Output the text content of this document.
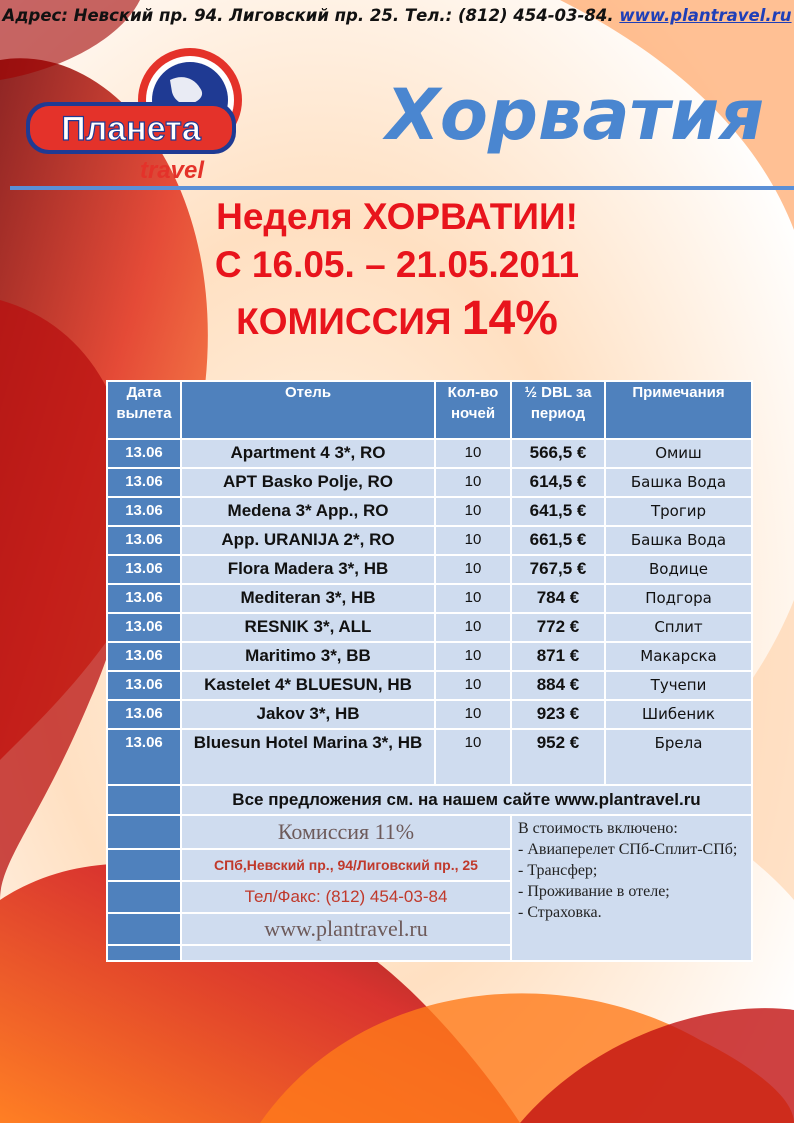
Адрес: Невский пр. 94. Лиговский пр. 25. Тел.: (812) 454-03-84. www.plantravel.ru
Планета
travel
Хорватия
Неделя ХОРВАТИИ!
С 16.05. – 21.05.2011
КОМИССИЯ 14%
Дата вылета	Отель	Кол-во ночей	½ DBL за период	Примечания
13.06	Apartment 4 3*, RO	10	566,5 €	Омиш
13.06	APT Basko Polje, RO	10	614,5 €	Башка Вода
13.06	Medena 3* App., RO	10	641,5 €	Трогир
13.06	App. URANIJA 2*, RO	10	661,5 €	Башка Вода
13.06	Flora Madera 3*, HB	10	767,5 €	Водице
13.06	Mediteran 3*, HB	10	784 €	Подгора
13.06	RESNIK 3*, ALL	10	772 €	Сплит
13.06	Maritimo 3*, BB	10	871 €	Макарска
13.06	Kastelet 4* BLUESUN, HB	10	884 €	Тучепи
13.06	Jakov 3*, HB	10	923 €	Шибеник
13.06	Bluesun Hotel Marina 3*, HB	10	952 €	Брела
	Все предложения см. на нашем сайте www.plantravel.ru			
	Комиссия 11%		В стоимость включено:
- Авиаперелет СПб-Сплит-СПб;
- Трансфер;
- Проживание в отеле;
- Страховка.	

	СПб,Невский пр., 94/Лиговский пр., 25			
	Тел/Факс: (812) 454-03-84			
	www.plantravel.ru			
